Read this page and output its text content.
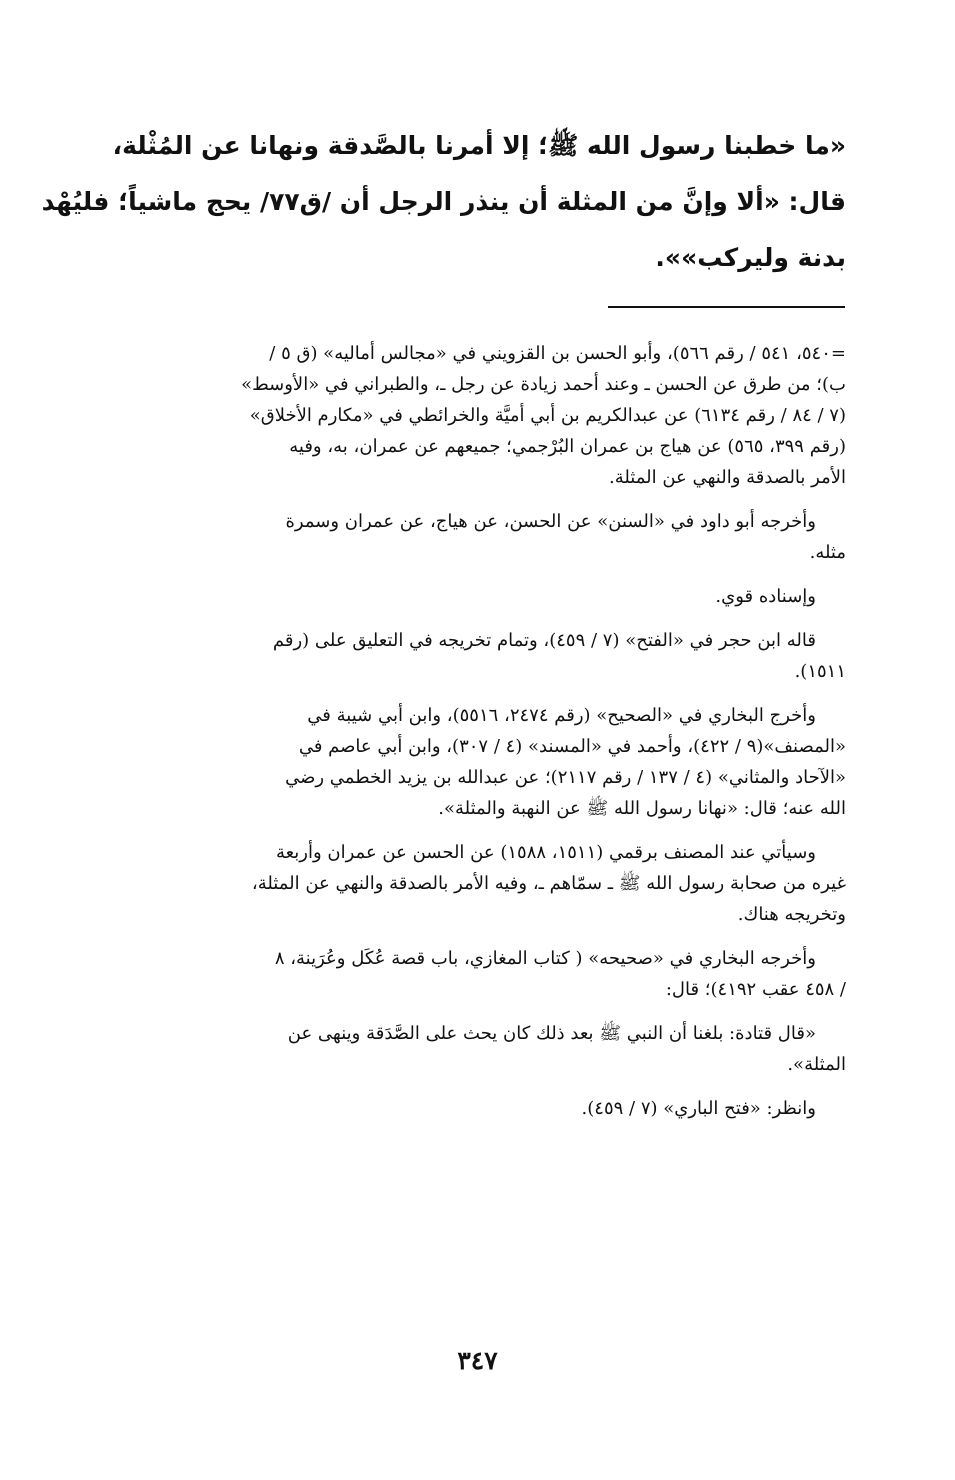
«ما خطبنا رسول الله ﷺ؛ إلا أمرنا بالصَّدقة ونهانا عن المُثْلة،
قال: «ألا وإنَّ من المثلة أن ينذر الرجل أن /ق٧٧/ يحج ماشياً؛ فليُهْد
بدنة وليركب»».
=٥٤٠، ٥٤١ / رقم ٥٦٦)، وأبو الحسن بن القزويني في «مجالس أماليه» (ق ٥ /
ب)؛ من طرق عن الحسن ـ وعند أحمد زيادة عن رجل ـ، والطبراني في «الأوسط»
(٧ / ٨٤ / رقم ٦١٣٤) عن عبدالكريم بن أبي أميَّة والخرائطي في «مكارم الأخلاق»
(رقم ٣٩٩، ٥٦٥) عن هياج بن عمران البُرْجمي؛ جميعهم عن عمران، به، وفيه
الأمر بالصدقة والنهي عن المثلة.
وأخرجه أبو داود في «السنن» عن الحسن، عن هياج، عن عمران وسمرة
مثله.
وإسناده قوي.
قاله ابن حجر في «الفتح» (٧ / ٤٥٩)، وتمام تخريجه في التعليق على (رقم
١٥١١).
وأخرج البخاري في «الصحيح» (رقم ٢٤٧٤، ٥٥١٦)، وابن أبي شيبة في
«المصنف»(٩ / ٤٢٢)، وأحمد في «المسند» (٤ / ٣٠٧)، وابن أبي عاصم في
«الآحاد والمثاني» (٤ / ١٣٧ / رقم ٢١١٧)؛ عن عبدالله بن يزيد الخطمي رضي
الله عنه؛ قال: «نهانا رسول الله ﷺ عن النهبة والمثلة».
وسيأتي عند المصنف برقمي (١٥١١، ١٥٨٨) عن الحسن عن عمران وأربعة
غيره من صحابة رسول الله ﷺ ـ سمّاهم ـ، وفيه الأمر بالصدقة والنهي عن المثلة،
وتخريجه هناك.
وأخرجه البخاري في «صحيحه» ( كتاب المغازي، باب قصة عُكَل وعُرَينة، ٨
/ ٤٥٨ عقب ٤١٩٢)؛ قال:
«قال قتادة: بلغنا أن النبي ﷺ بعد ذلك كان يحث على الصَّدَقة وينهى عن
المثلة».
وانظر: «فتح الباري» (٧ / ٤٥٩).
٣٤٧
